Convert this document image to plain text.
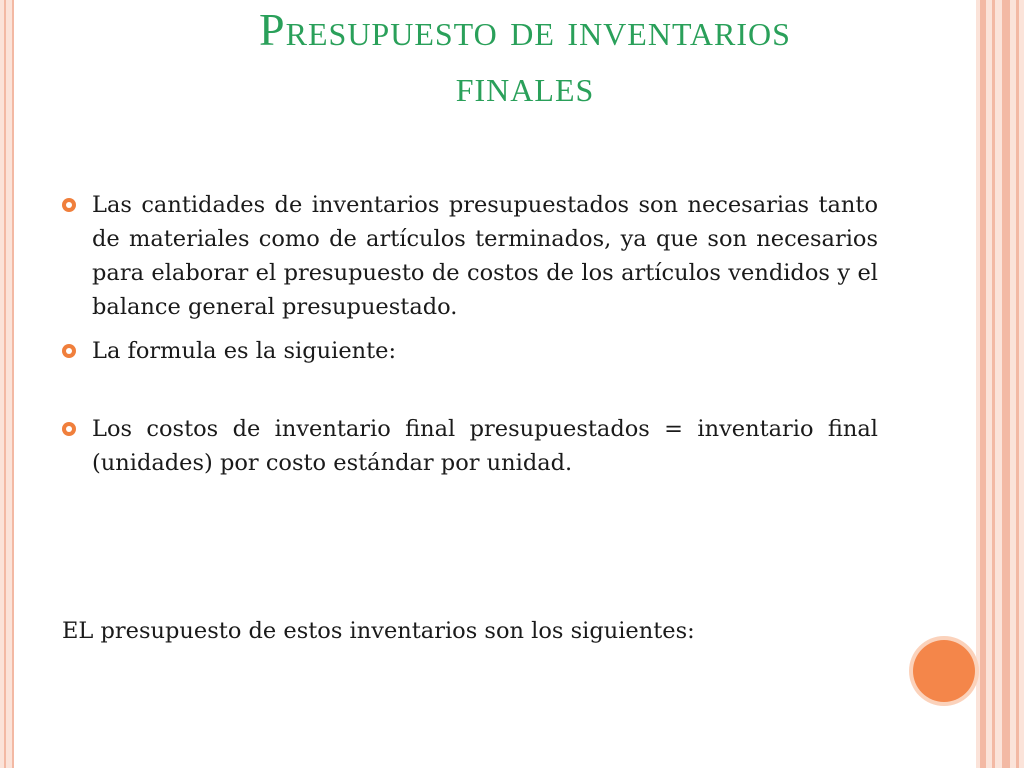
Presupuesto de inventarios
finales

Las cantidades de inventarios presupuestados son necesarias tanto de materiales como de artículos terminados, ya que son necesarios para elaborar el presupuesto de costos de los artículos vendidos y el balance general presupuestado.

La formula es la siguiente:

Los costos de inventario final presupuestados = inventario final (unidades) por costo estándar por unidad.

EL presupuesto de estos inventarios son los siguientes:
